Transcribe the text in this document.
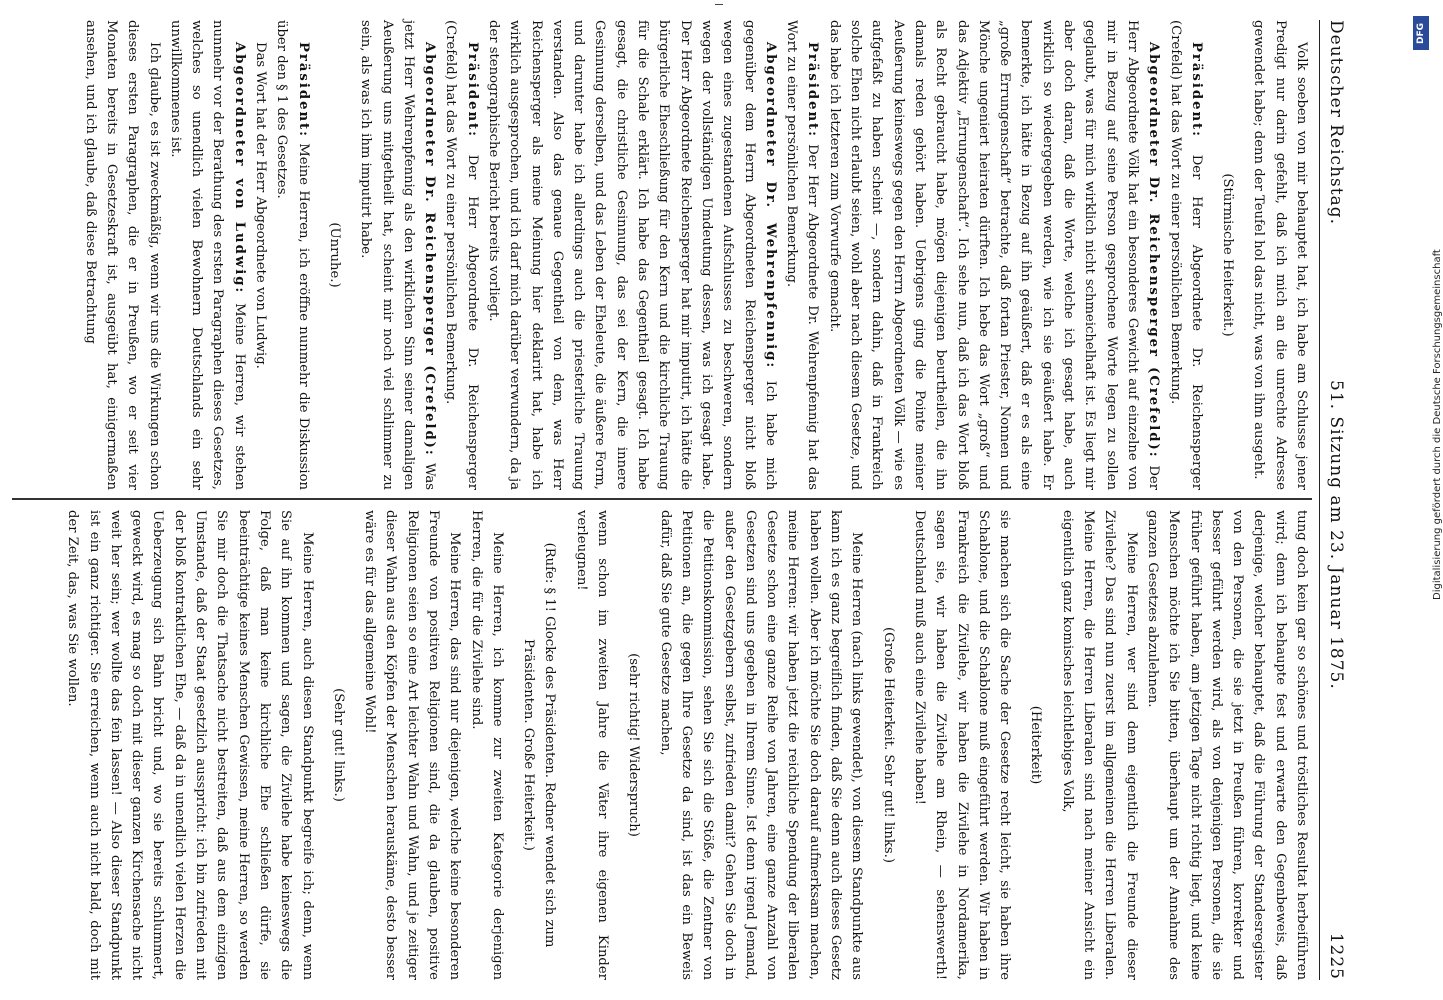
Deutscher Reichstag.
51. Sitzung am 23. Januar 1875.
1225

Volk soeben von mir behauptet hat, ich habe am Schlusse jener Predigt nur darin gefehlt, daß ich mich an die unrechte Adresse gewendet habe; denn der Teufel hol das nicht, was von ihm ausgeht.

(Stürmische Heiterkeit.)

Präsident: Der Herr Abgeordnete Dr. Reichensperger (Crefeld) hat das Wort zu einer persönlichen Bemerkung.

Abgeordneter Dr. Reichensperger (Crefeld): Der Herr Abgeordnete Völk hat ein besonderes Gewicht auf einzelne von mir in Bezug auf seine Person gesprochene Worte legen zu sollen geglaubt, was für mich wirklich nicht schmeichelhaft ist. Es liegt mir aber doch daran, daß die Worte, welche ich gesagt habe, auch wirklich so wiedergegeben werden, wie ich sie geäußert habe. Er bemerkte, ich hätte in Bezug auf ihn geäußert, daß er es als eine „große Errungenschaft“ betrachte, daß fortan Priester, Nonnen und Mönche ungeniert heiraten dürften. Ich hebe das Wort „groß“ und das Adjektiv „Errungenschaft“. Ich sehe nun, daß ich das Wort bloß als Recht gebraucht habe, mögen diejenigen beurtheilen, die ihn damals reden gehört haben. Uebrigens ging die Pointe meiner Aeußerung keineswegs gegen den Herrn Abgeordneten Völk — wie es aufgefaßt zu haben scheint —, sondern dahin, daß in Frankreich solche Ehen nicht erlaubt seien, wohl aber nach diesem Gesetze, und das habe ich letzteren zum Vorwurfe gemacht.

Präsident: Der Herr Abgeordnete Dr. Wehrenpfennig hat das Wort zu einer persönlichen Bemerkung.

Abgeordneter Dr. Wehrenpfennig: Ich habe mich gegenüber dem Herrn Abgeordneten Reichensperger nicht bloß wegen eines zugestandenen Aufschlusses zu beschweren, sondern wegen der vollständigen Umdeutung dessen, was ich gesagt habe. Der Herr Abgeordnete Reichensperger hat mir imputirt, ich hätte die bürgerliche Eheschließung für den Kern und die kirchliche Trauung für die Schale erklärt. Ich habe das Gegentheil gesagt. Ich habe gesagt, die christliche Gesinnung, das sei der Kern, die innere Gesinnung derselben, und das Leben der Eheleute, die äußere Form, und darunter habe ich allerdings auch die priesterliche Trauung verstanden. Also das genaue Gegentheil von dem, was Herr Reichensperger als meine Meinung hier deklarirt hat, habe ich wirklich ausgesprochen, und ich darf mich darüber verwundern, da ja der stenographische Bericht bereits vorliegt.

Präsident: Der Herr Abgeordnete Dr. Reichensperger (Crefeld) hat das Wort zu einer persönlichen Bemerkung.

Abgeordneter Dr. Reichensperger (Crefeld): Was jetzt Herr Wehrenpfennig als den wirklichen Sinn seiner damaligen Aeußerung uns mitgetheilt hat, scheint mir noch viel schlimmer zu sein, als was ich ihm imputirt habe.

(Unruhe.)

Präsident: Meine Herren, ich eröffne nunmehr die Diskussion über den § 1 des Gesetzes.

Das Wort hat der Herr Abgeordnete von Ludwig.

Abgeordneter von Ludwig: Meine Herren, wir stehen nunmehr vor der Berathung des ersten Paragraphen dieses Gesetzes, welches so unendlich vielen Bewohnern Deutschlands ein sehr unwillkommenes ist.

Ich glaube, es ist zweckmäßig, wenn wir uns die Wirkungen schon dieses ersten Paragraphen, die er in Preußen, wo er seit vier Monaten bereits in Gesetzeskraft ist, ausgeübt hat, einigermaßen ansehen, und ich glaube, daß diese Betrachtung

tung doch kein gar so schönes und tröstliches Resultat herbeiführen wird; denn ich behaupte fest und erwarte den Gegenbeweis, daß derjenige, welcher behauptet, daß die Führung der Standesregister von den Personen, die sie jetzt in Preußen führen, korrekter und besser geführt werden wird, als von denjenigen Personen, die sie früher geführt haben, am jetzigen Tage nicht richtig liegt, und keine Menschen möchte ich Sie bitten, überhaupt um der Annahme des ganzen Gesetzes abzulehnen.

Meine Herren, wer sind denn eigentlich die Freunde dieser Zivilehe? Das sind nun zuerst im allgemeinen die Herren Liberalen. Meine Herren, die Herren Liberalen sind nach meiner Ansicht ein eigentlich ganz komisches leichtlebiges Volk,

(Heiterkeit)

sie machen sich die Sache der Gesetze recht leicht, sie haben ihre Schablone, und die Schablone muß eingeführt werden. Wir haben in Frankreich die Zivilehe, wir haben die Zivilehe in Nordamerika, sagen sie, wir haben die Zivilehe am Rhein, — sehenswerth! Deutschland muß auch eine Zivilehe haben!

(Große Heiterkeit. Sehr gut! links.)

Meine Herren (nach links gewendet), von diesem Standpunkte aus kann ich es ganz begreiflich finden, daß Sie denn auch dieses Gesetz haben wollen. Aber ich möchte Sie doch darauf aufmerksam machen, meine Herren: wir haben jetzt die reichliche Spendung der liberalen Gesetze schon eine ganze Reihe von Jahren, eine ganze Anzahl von Gesetzen sind uns gegeben in Ihrem Sinne. Ist denn irgend Jemand, außer den Gesetzgebern selbst, zufrieden damit? Gehen Sie doch in die Petitionskommission, sehen Sie sich die Stöße, die Zentner von Petitionen an, die gegen Ihre Gesetze da sind, ist das ein Beweis dafür, daß Sie gute Gesetze machen,

(sehr richtig! Widerspruch)

wenn schon im zweiten Jahre die Väter ihre eigenen Kinder verleugnen!

(Rufe: § 1! Glocke des Präsidenten. Redner wendet sich zum Präsidenten. Große Heiterkeit.)

Meine Herren, ich komme zur zweiten Kategorie derjenigen Herren, die für die Zivilehe sind.

Meine Herren, das sind nur diejenigen, welche keine besonderen Freunde von positiven Religionen sind, die da glauben, positive Religionen seien so eine Art leichter Wahn und Wahn, und je zeitiger dieser Wahn aus den Köpfen der Menschen herauskäme, desto besser wäre es für das allgemeine Wohl!

(Sehr gut! links.)

Meine Herren, auch diesen Standpunkt begreife ich; denn, wenn Sie auf ihn kommen und sagen, die Zivilehe habe keineswegs die Folge, daß man keine kirchliche Ehe schließen dürfe, sie beeinträchtige keines Menschen Gewissen, meine Herren, so werden Sie mir doch die Thatsache nicht bestreiten, daß aus dem einzigen Umstande, daß der Staat gesetzlich ausspricht: ich bin zufrieden mit der bloß kontraktlichen Ehe, — daß da in unendlich vielen Herzen die Ueberzeugung sich Bahn bricht und, wo sie bereits schlummert, geweckt wird, es mag so doch mit dieser ganzen Kirchensache nicht weit her sein; wer wollte das fein lassen! — Also dieser Standpunkt ist ein ganz richtiger. Sie erreichen, wenn auch nicht bald, doch mit der Zeit, das, was Sie wollen.

Digitalisierung gefördert durch die Deutsche Forschungsgemeinschaft
DFG
